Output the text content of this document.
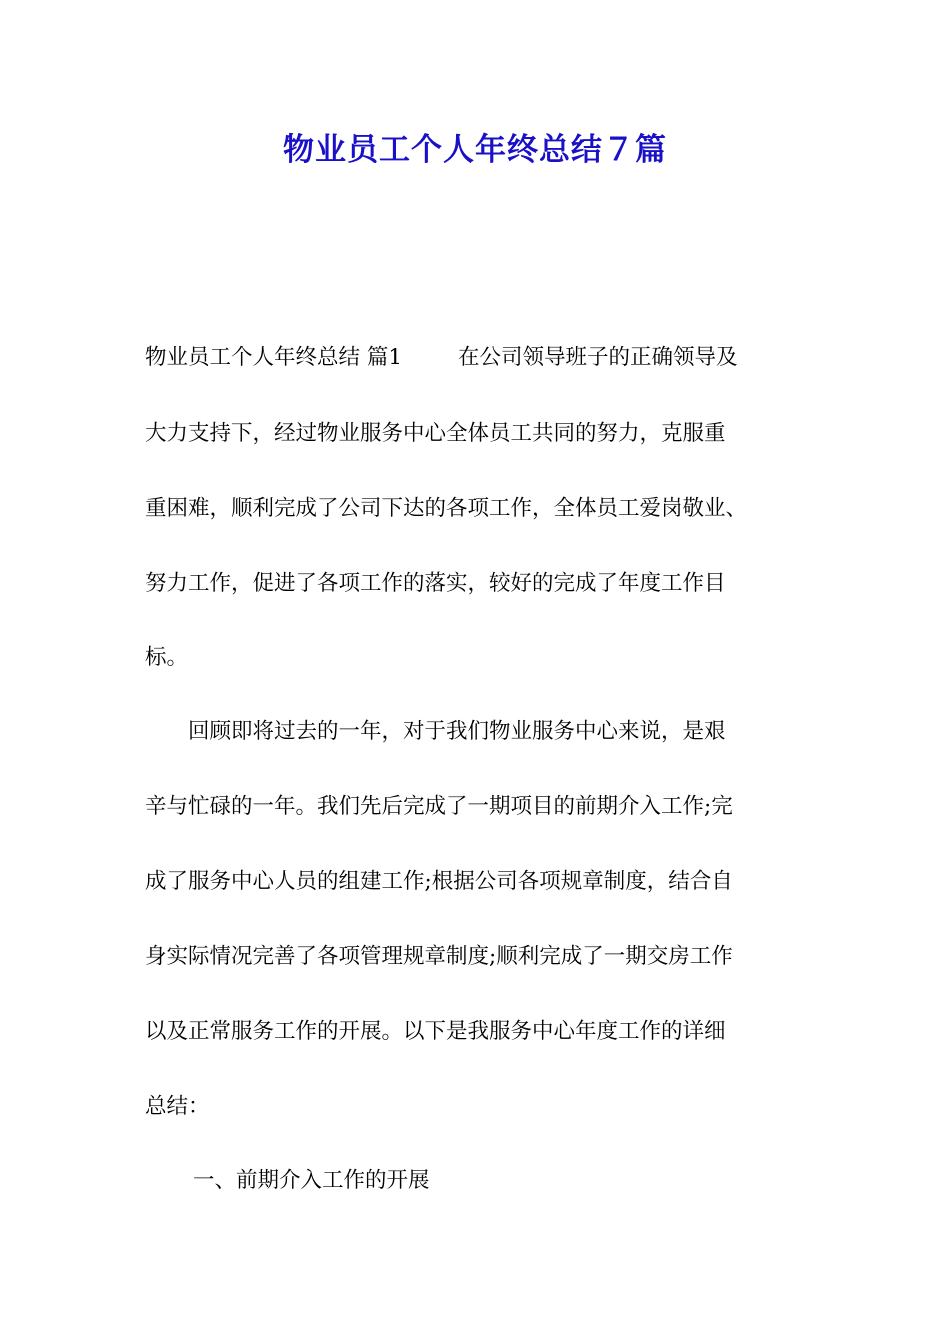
物业员工个人年终总结７篇
物业员工个人年终总结 篇1	在公司领导班子的正确领导及
大力支持下，经过物业服务中心全体员工共同的努力，克服重
重困难，顺利完成了公司下达的各项工作，全体员工爱岗敬业、
努力工作，促进了各项工作的落实，较好的完成了年度工作目
标。
　　回顾即将过去的一年，对于我们物业服务中心来说，是艰
辛与忙碌的一年。我们先后完成了一期项目的前期介入工作;完
成了服务中心人员的组建工作;根据公司各项规章制度，结合自
身实际情况完善了各项管理规章制度;顺利完成了一期交房工作
以及正常服务工作的开展。以下是我服务中心年度工作的详细
总结：
一、前期介入工作的开展
